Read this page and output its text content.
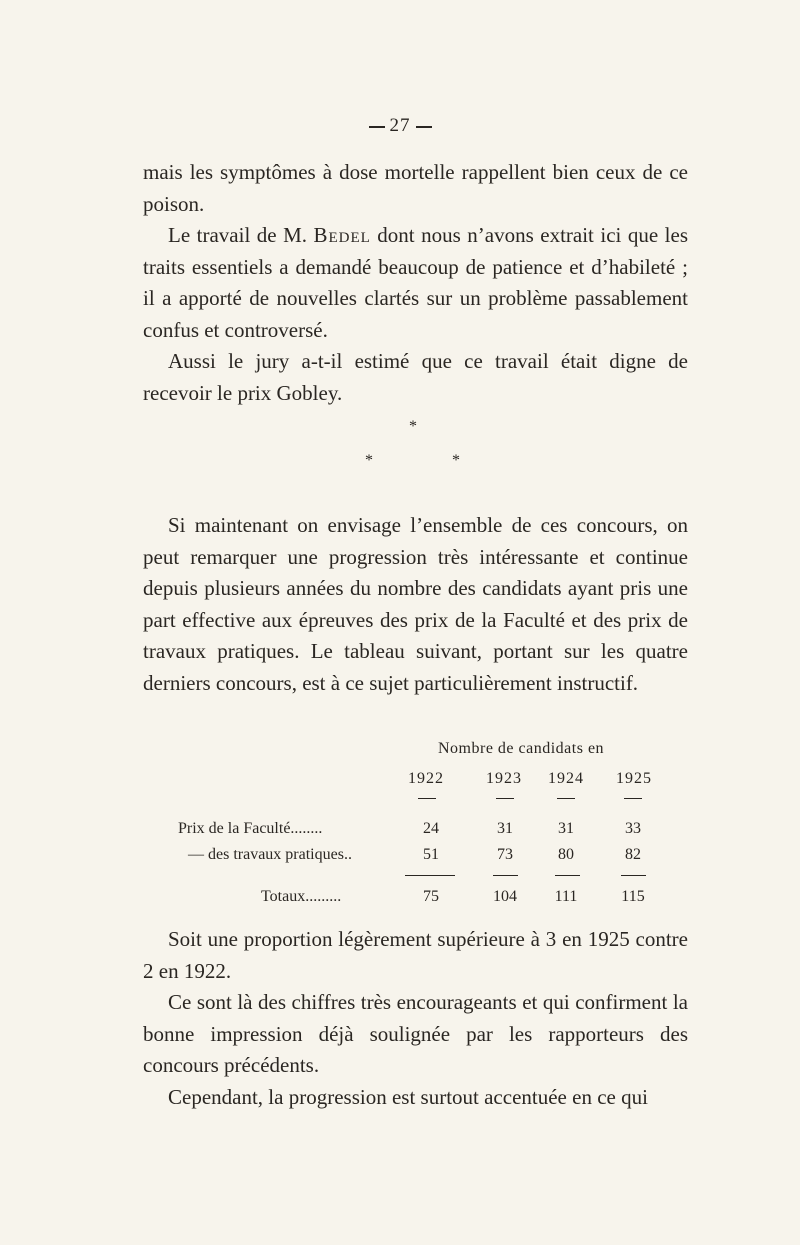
27

mais les symptômes à dose mortelle rappellent bien ceux de ce poison.

Le travail de M. Bedel dont nous n’avons extrait ici que les traits essentiels a demandé beaucoup de patience et d’habileté ; il a apporté de nouvelles clartés sur un problème passablement confus et controversé.

Aussi le jury a-t-il estimé que ce travail était digne de recevoir le prix Gobley.

*
*	*

Si maintenant on envisage l’ensemble de ces concours, on peut remarquer une progression très intéressante et continue depuis plusieurs années du nombre des candidats ayant pris une part effective aux épreuves des prix de la Faculté et des prix de travaux pratiques. Le tableau suivant, portant sur les quatre derniers concours, est à ce sujet particulièrement instructif.

Nombre de candidats en
1922	1923	1924	1925
Prix de la Faculté........	24	31	31	33
— des travaux pratiques..	51	73	80	82
Totaux.........	75	104	111	115

Soit une proportion légèrement supérieure à 3 en 1925 contre 2 en 1922.

Ce sont là des chiffres très encourageants et qui confirment la bonne impression déjà soulignée par les rapporteurs des concours précédents.

Cependant, la progression est surtout accentuée en ce qui
